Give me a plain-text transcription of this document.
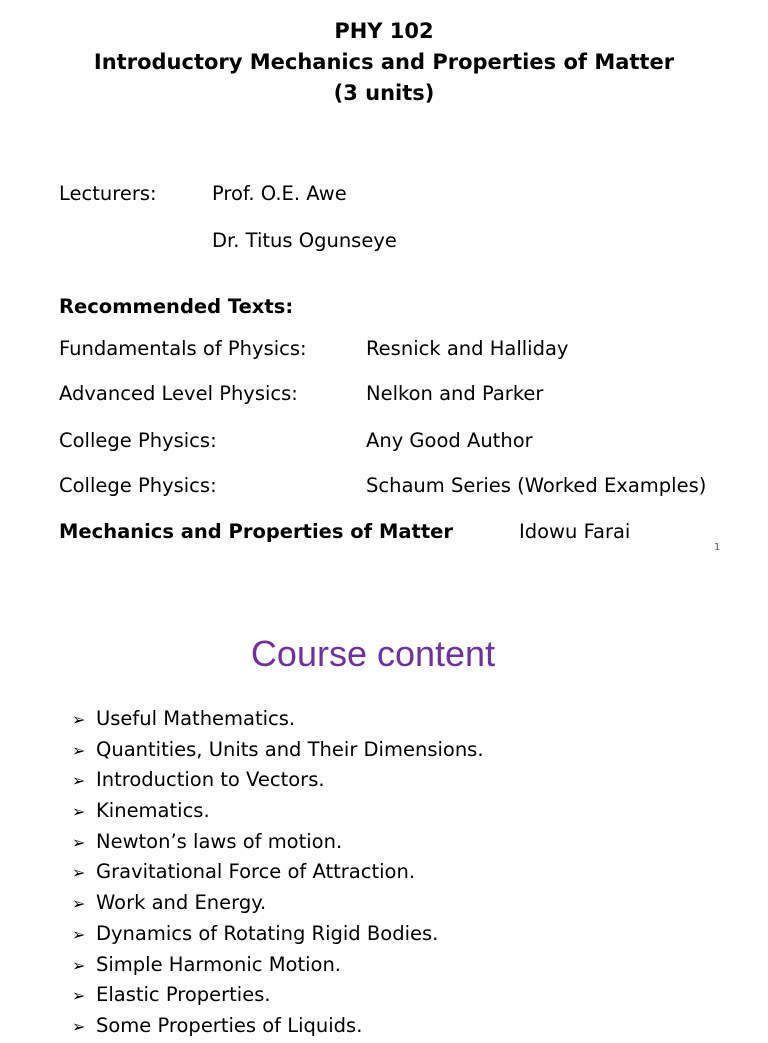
PHY 102
Introductory Mechanics and Properties of Matter
(3 units)
Lecturers:	Prof. O.E. Awe
Dr. Titus Ogunseye
Recommended Texts:
Fundamentals of Physics:	Resnick and Halliday
Advanced Level Physics:	Nelkon and Parker
College Physics:	Any Good Author
College Physics:	Schaum Series (Worked Examples)
Mechanics and Properties of Matter	Idowu Farai
1
Course content
➢ Useful Mathematics.
➢ Quantities, Units and Their Dimensions.
➢ Introduction to Vectors.
➢ Kinematics.
➢ Newton’s laws of motion.
➢ Gravitational Force of Attraction.
➢ Work and Energy.
➢ Dynamics of Rotating Rigid Bodies.
➢ Simple Harmonic Motion.
➢ Elastic Properties.
➢ Some Properties of Liquids.
